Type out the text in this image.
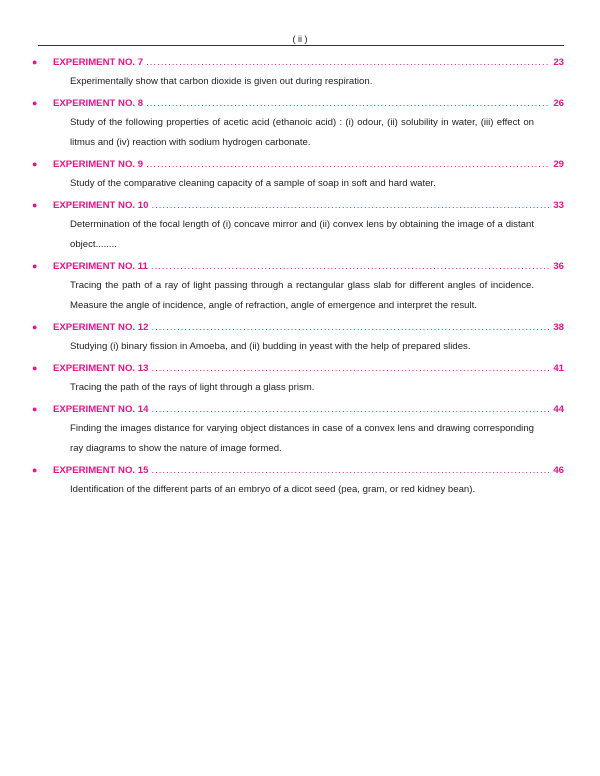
( ii )
●	EXPERIMENT NO. 7 .....	23

Experimentally show that carbon dioxide is given out during respiration.

●	EXPERIMENT NO. 8 .....	26

Study of the following properties of acetic acid (ethanoic acid) : (i) odour, (ii) solubility in water, (iii) effect on litmus and (iv) reaction with sodium hydrogen carbonate.

●	EXPERIMENT NO. 9 .....	29

Study of the comparative cleaning capacity of a sample of soap in soft and hard water.

●	EXPERIMENT NO. 10 .....	33

Determination of the focal length of (i) concave mirror and (ii) convex lens by obtaining the image of a distant object........

●	EXPERIMENT NO. 11 .....	36

Tracing the path of a ray of light passing through a rectangular glass slab for different angles of incidence. Measure the angle of incidence, angle of refraction, angle of emergence and interpret the result.

●	EXPERIMENT NO. 12 .....	38

Studying (i) binary fission in Amoeba, and (ii) budding in yeast with the help of prepared slides.

●	EXPERIMENT NO. 13 .....	41

Tracing the path of the rays of light through a glass prism.

●	EXPERIMENT NO. 14 .....	44

Finding the images distance for varying object distances in case of a convex lens and drawing corresponding ray diagrams to show the nature of image formed.

●	EXPERIMENT NO. 15 .....	46

Identification of the different parts of an embryo of a dicot seed (pea, gram, or red kidney bean).
